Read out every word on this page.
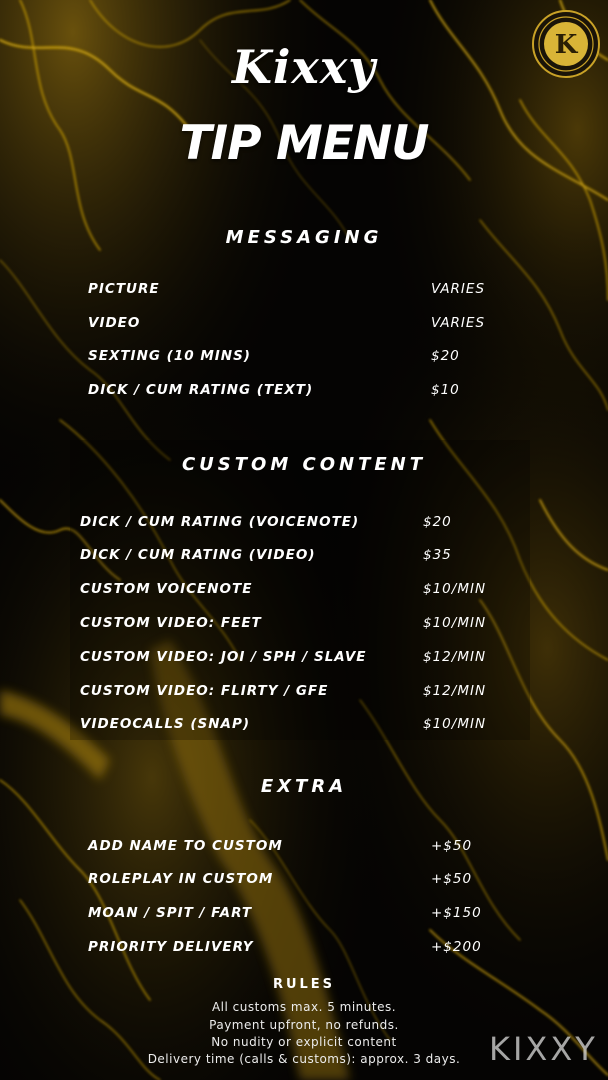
K
Kixxy
TIP MENU
MESSAGING
PICTURE	VARIES
VIDEO	VARIES
SEXTING (10 MINS)	$20
DICK / CUM RATING (TEXT)	$10
CUSTOM CONTENT
DICK / CUM RATING (VOICENOTE)	$20
DICK / CUM RATING (VIDEO)	$35
CUSTOM VOICENOTE	$10/MIN
CUSTOM VIDEO: FEET	$10/MIN
CUSTOM VIDEO: JOI / SPH / SLAVE	$12/MIN
CUSTOM VIDEO: FLIRTY / GFE	$12/MIN
VIDEOCALLS (SNAP)	$10/MIN
EXTRA
ADD NAME TO CUSTOM	+$50
ROLEPLAY IN CUSTOM	+$50
MOAN / SPIT / FART	+$150
PRIORITY DELIVERY	+$200
RULES
All customs max. 5 minutes.
Payment upfront, no refunds.
No nudity or explicit content
Delivery time (calls & customs): approx. 3 days. KIXXY
